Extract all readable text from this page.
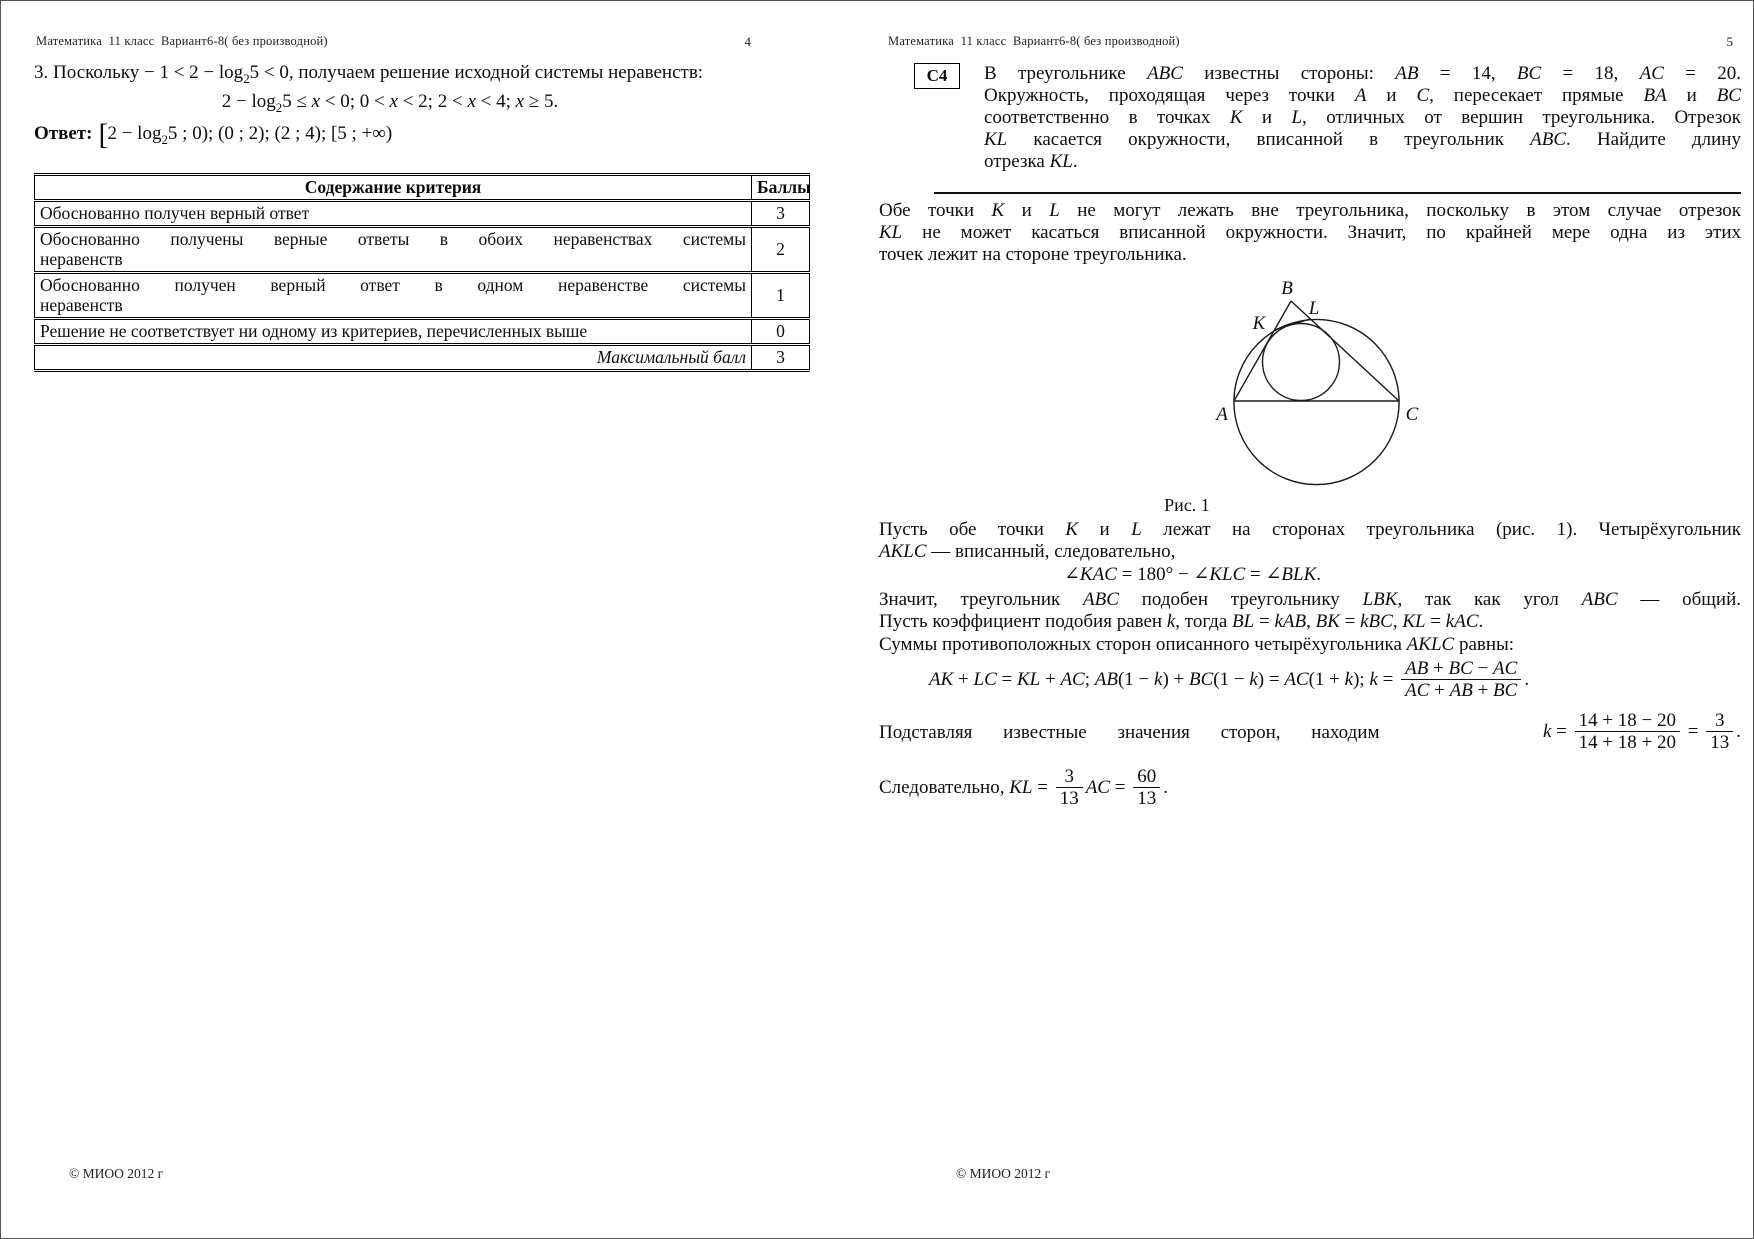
Математика  11 класс  Вариант 6-8( без производной)	4
3. Поскольку − $1 < 2 - \log_25 < 0$, получаем решение исходной системы неравенств:
$2 - \log_25 \le x < 0$; 0 < x < 2; 2 < x < 4; x ≥ 5.
Ответ: [$2 - \log_25$ ; 0); (0 ; 2); (2 ; 4); [5 ; +∞)
Содержание критерия	Баллы

Обоснованно получен верный ответ	3

Обоснованно получены верные ответы в обоих неравенствах системы
неравенств	2

Обоснованно получен верный ответ в одном неравенстве системы
неравенств	1

Решение не соответствует ни одному из критериев, перечисленных выше	0
Максимальный балл	3
© МИОО 2012 г
Математика  11 класс  Вариант 6-8( без производной)	5
С4	В треугольнике ABC известны стороны: AB = 14, BC = 18, AC = 20.
Окружность, проходящая через точки A и C, пересекает прямые BA и BC
соответственно в точках K и L, отличных от вершин треугольника. Отрезок
KL касается окружности, вписанной в треугольник ABC. Найдите длину
отрезка KL.
Обе точки K и L не могут лежать вне треугольника, поскольку в этом случае отрезок
KL не может касаться вписанной окружности. Значит, по крайней мере одна из этих
точек лежит на стороне треугольника.
A
B
C
K
L
Рис. 1
Пусть обе точки K и L лежат на сторонах треугольника (рис. 1). Четырёхугольник
AKLC — вписанный, следовательно,
∠KAC = 180° − ∠KLC = ∠BLK.
Значит, треугольник ABC подобен треугольнику LBK, так как угол ABC — общий.
Пусть коэффициент подобия равен k, тогда BL = kAB, BK = kBC, KL = kAC.
Суммы противоположных сторон описанного четырёхугольника AKLC равны:
AK + LC = KL + AC; AB(1 − k) + BC(1 − k) = AC(1 + k); $k = \frac{AB + BC - AC}{AC + AB + BC}$ .
Подставляя известные значения сторон, находим	$k = \frac{14 + 18 - 20}{14 + 18 + 20} = \frac{3}{13}$ .
Следовательно, KL = $\frac{3}{13}$ AC = $\frac{60}{13}$ .
© МИОО 2012 г
